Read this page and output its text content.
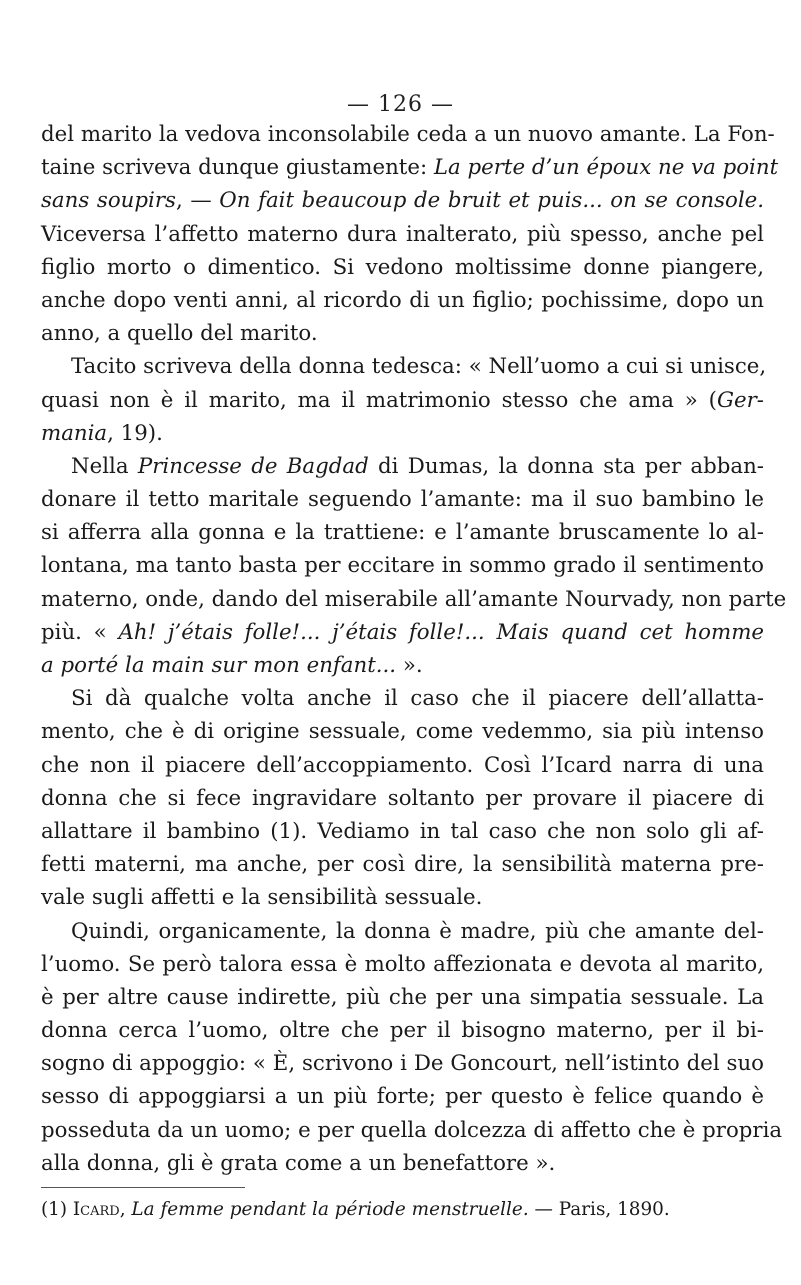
— 126 —
del marito la vedova inconsolabile ceda a un nuovo amante. La Fon-
taine scriveva dunque giustamente: La perte d’un époux ne va point
sans soupirs, — On fait beaucoup de bruit et puis... on se console.
Viceversa l’affetto materno dura inalterato, più spesso, anche pel
figlio morto o dimentico. Si vedono moltissime donne piangere,
anche dopo venti anni, al ricordo di un figlio; pochissime, dopo un
anno, a quello del marito.
Tacito scriveva della donna tedesca: « Nell’uomo a cui si unisce,
quasi non è il marito, ma il matrimonio stesso che ama » (Ger-
mania, 19).
Nella Princesse de Bagdad di Dumas, la donna sta per abban-
donare il tetto maritale seguendo l’amante: ma il suo bambino le
si afferra alla gonna e la trattiene: e l’amante bruscamente lo al-
lontana, ma tanto basta per eccitare in sommo grado il sentimento
materno, onde, dando del miserabile all’amante Nourvady, non parte
più. « Ah! j’étais folle!... j’étais folle!... Mais quand cet homme
a porté la main sur mon enfant... ».
Si dà qualche volta anche il caso che il piacere dell’allatta-
mento, che è di origine sessuale, come vedemmo, sia più intenso
che non il piacere dell’accoppiamento. Così l’Icard narra di una
donna che si fece ingravidare soltanto per provare il piacere di
allattare il bambino (1). Vediamo in tal caso che non solo gli af-
fetti materni, ma anche, per così dire, la sensibilità materna pre-
vale sugli affetti e la sensibilità sessuale.
Quindi, organicamente, la donna è madre, più che amante del-
l’uomo. Se però talora essa è molto affezionata e devota al marito,
è per altre cause indirette, più che per una simpatia sessuale. La
donna cerca l’uomo, oltre che per il bisogno materno, per il bi-
sogno di appoggio: « È, scrivono i De Goncourt, nell’istinto del suo
sesso di appoggiarsi a un più forte; per questo è felice quando è
posseduta da un uomo; e per quella dolcezza di affetto che è propria
alla donna, gli è grata come a un benefattore ».
(1) Icard, La femme pendant la période menstruelle. — Paris, 1890.
